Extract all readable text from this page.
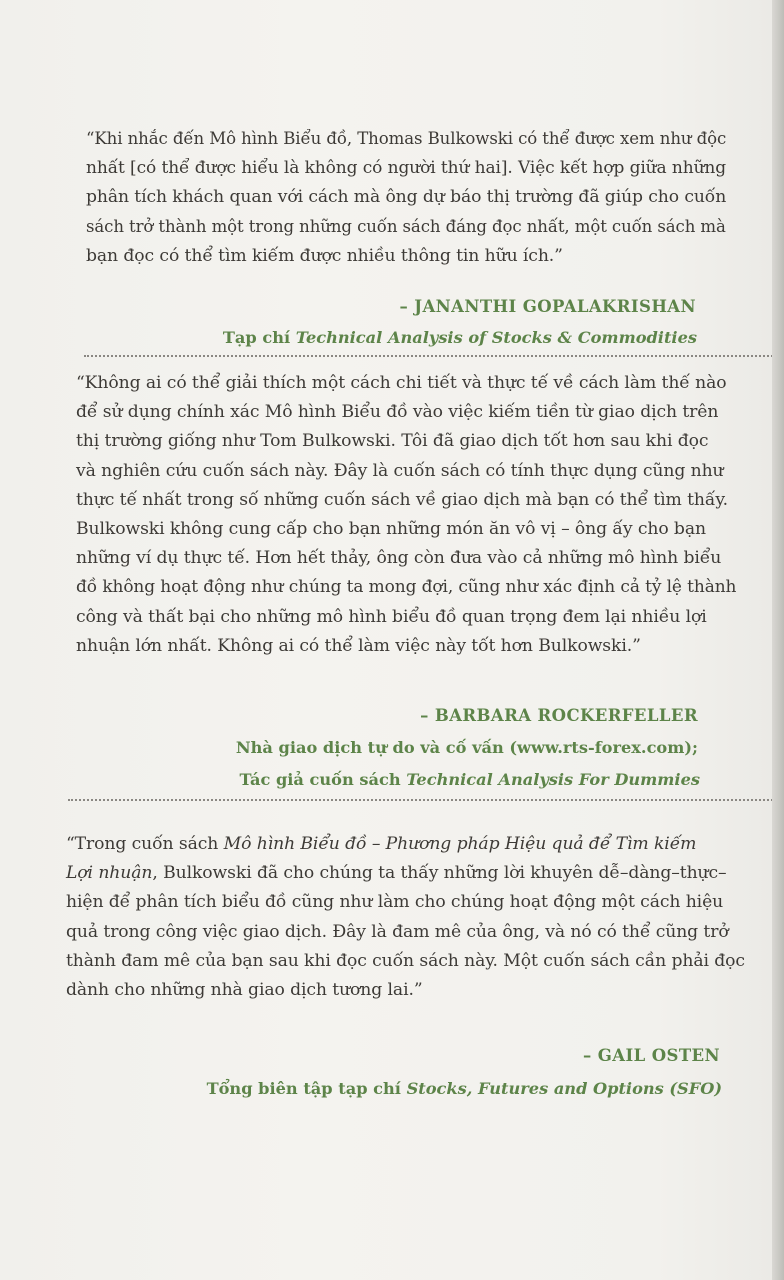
“Khi nhắc đến Mô hình Biểu đồ, Thomas Bulkowski có thể được xem như độc
nhất [có thể được hiểu là không có người thứ hai]. Việc kết hợp giữa những
phân tích khách quan với cách mà ông dự báo thị trường đã giúp cho cuốn
sách trở thành một trong những cuốn sách đáng đọc nhất, một cuốn sách mà
bạn đọc có thể tìm kiếm được nhiều thông tin hữu ích.”
– JANANTHI GOPALAKRISHAN
Tạp chí Technical Analysis of Stocks & Commodities
“Không ai có thể giải thích một cách chi tiết và thực tế về cách làm thế nào
để sử dụng chính xác Mô hình Biểu đồ vào việc kiếm tiền từ giao dịch trên
thị trường giống như Tom Bulkowski. Tôi đã giao dịch tốt hơn sau khi đọc
và nghiên cứu cuốn sách này. Đây là cuốn sách có tính thực dụng cũng như
thực tế nhất trong số những cuốn sách về giao dịch mà bạn có thể tìm thấy.
Bulkowski không cung cấp cho bạn những món ăn vô vị – ông ấy cho bạn
những ví dụ thực tế. Hơn hết thảy, ông còn đưa vào cả những mô hình biểu
đồ không hoạt động như chúng ta mong đợi, cũng như xác định cả tỷ lệ thành
công và thất bại cho những mô hình biểu đồ quan trọng đem lại nhiều lợi
nhuận lớn nhất. Không ai có thể làm việc này tốt hơn Bulkowski.”
– BARBARA ROCKERFELLER
Nhà giao dịch tự do và cố vấn (www.rts-forex.com);
Tác giả cuốn sách Technical Analysis For Dummies
“Trong cuốn sách Mô hình Biểu đồ – Phương pháp Hiệu quả để Tìm kiếm
Lợi nhuận, Bulkowski đã cho chúng ta thấy những lời khuyên dễ–dàng–thực–
hiện để phân tích biểu đồ cũng như làm cho chúng hoạt động một cách hiệu
quả trong công việc giao dịch. Đây là đam mê của ông, và nó có thể cũng trở
thành đam mê của bạn sau khi đọc cuốn sách này. Một cuốn sách cần phải đọc
dành cho những nhà giao dịch tương lai.”
– GAIL OSTEN
Tổng biên tập tạp chí Stocks, Futures and Options (SFO)
